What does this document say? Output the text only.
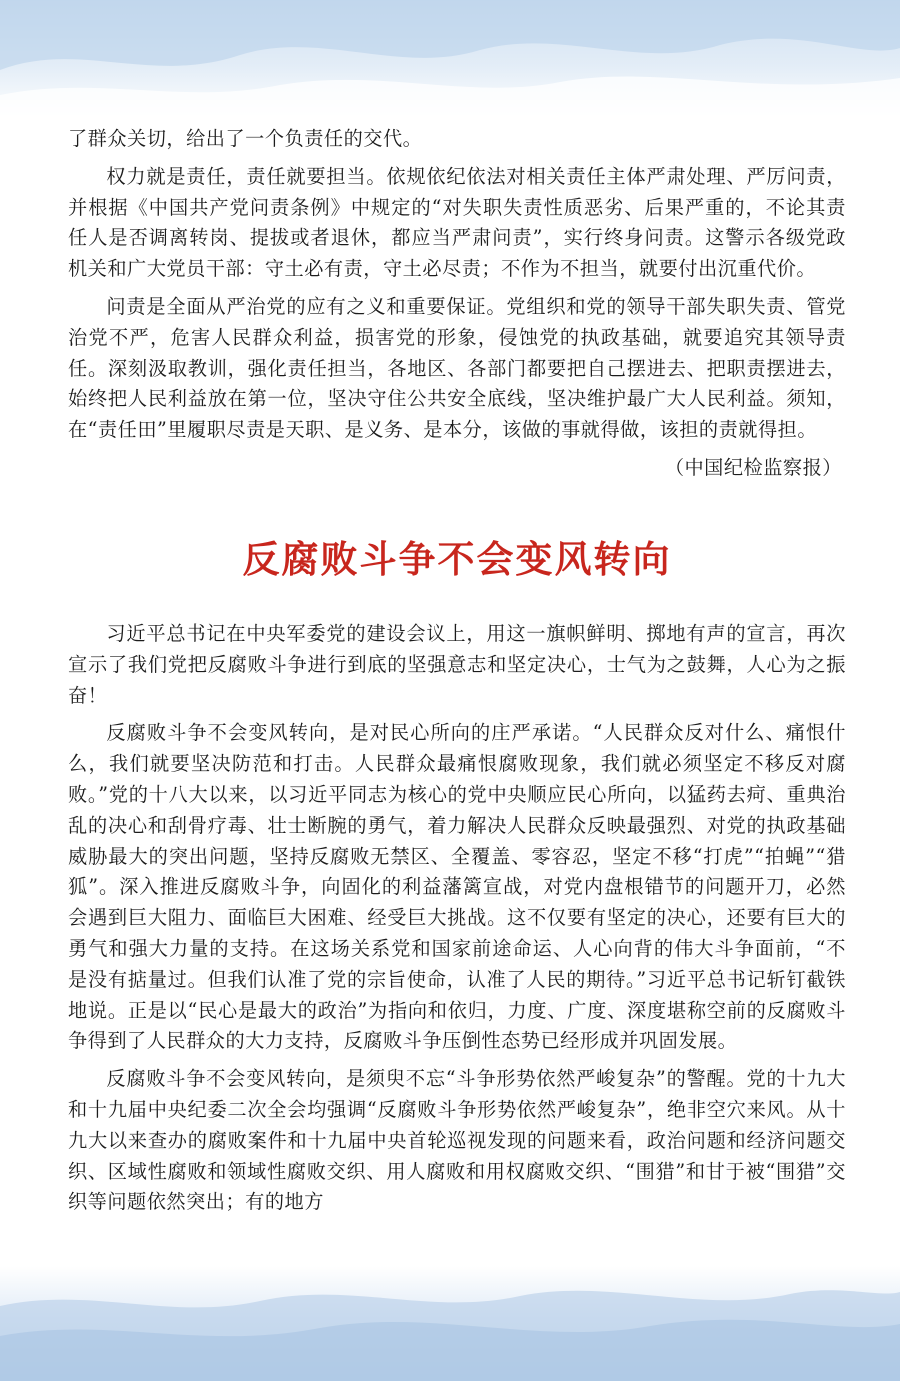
了群众关切，给出了一个负责任的交代。

权力就是责任，责任就要担当。依规依纪依法对相关责任主体严肃处理、严厉问责，并根据《中国共产党问责条例》中规定的“对失职失责性质恶劣、后果严重的，不论其责任人是否调离转岗、提拔或者退休，都应当严肃问责”，实行终身问责。这警示各级党政机关和广大党员干部：守土必有责，守土必尽责；不作为不担当，就要付出沉重代价。

问责是全面从严治党的应有之义和重要保证。党组织和党的领导干部失职失责、管党治党不严，危害人民群众利益，损害党的形象，侵蚀党的执政基础，就要追究其领导责任。深刻汲取教训，强化责任担当，各地区、各部门都要把自己摆进去、把职责摆进去，始终把人民利益放在第一位，坚决守住公共安全底线，坚决维护最广大人民利益。须知，在“责任田”里履职尽责是天职、是义务、是本分，该做的事就得做，该担的责就得担。

（中国纪检监察报）
反腐败斗争不会变风转向

习近平总书记在中央军委党的建设会议上，用这一旗帜鲜明、掷地有声的宣言，再次宣示了我们党把反腐败斗争进行到底的坚强意志和坚定决心，士气为之鼓舞，人心为之振奋！

反腐败斗争不会变风转向，是对民心所向的庄严承诺。“人民群众反对什么、痛恨什么，我们就要坚决防范和打击。人民群众最痛恨腐败现象，我们就必须坚定不移反对腐败。”党的十八大以来，以习近平同志为核心的党中央顺应民心所向，以猛药去疴、重典治乱的决心和刮骨疗毒、壮士断腕的勇气，着力解决人民群众反映最强烈、对党的执政基础威胁最大的突出问题，坚持反腐败无禁区、全覆盖、零容忍，坚定不移“打虎”“拍蝇”“猎狐”。深入推进反腐败斗争，向固化的利益藩篱宣战，对党内盘根错节的问题开刀，必然会遇到巨大阻力、面临巨大困难、经受巨大挑战。这不仅要有坚定的决心，还要有巨大的勇气和强大力量的支持。在这场关系党和国家前途命运、人心向背的伟大斗争面前，“不是没有掂量过。但我们认准了党的宗旨使命，认准了人民的期待。”习近平总书记斩钉截铁地说。正是以“民心是最大的政治”为指向和依归，力度、广度、深度堪称空前的反腐败斗争得到了人民群众的大力支持，反腐败斗争压倒性态势已经形成并巩固发展。

反腐败斗争不会变风转向，是须臾不忘“斗争形势依然严峻复杂”的警醒。党的十九大和十九届中央纪委二次全会均强调“反腐败斗争形势依然严峻复杂”，绝非空穴来风。从十九大以来查办的腐败案件和十九届中央首轮巡视发现的问题来看，政治问题和经济问题交织、区域性腐败和领域性腐败交织、用人腐败和用权腐败交织、“围猎”和甘于被“围猎”交织等问题依然突出；有的地方
